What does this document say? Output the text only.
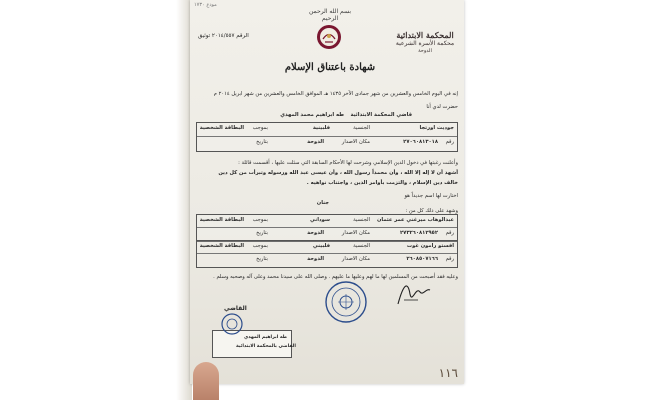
مودع ١٧٣٠
بسم الله الرحمن الرحيم
المحكمة الابتدائية
محكمة الأسرة الشرعية
الدوحة
الرقم ٢٠١٤/٥٥٧ توثيق
شهادة باعتناق الإسلام
إنه في اليوم الخامس والعشرين من شهر جمادى الآخر ١٤٣٥ هـ الموافق الخامس والعشرين من شهر ابريل ٢٠١٤ م
حضرت لدي أنا
طه ابراهيم محمد المهدي قاضي المحكمة الابتدائية
جوديث اورتجا
الجنسية
فلبينية
بموجب
البطاقة الشخصية
رقم
٢٧٠٦٠٨١٣٠١٨
مكان الاصدار
الدوحة
بتاريخ
وأعلنت رغبتها في دخول الدين الإسلامي وشرحت لها الأحكام السابقة التي سئلت عليها ، أقسمت قائلة :
أشهد أن لا إله إلا الله ، وأن محمداً رسول الله ، وأن عيسى عبد الله ورسوله وتبرأت من كل دين
خالف دين الإسلام ، والتزمت بأوامر الدين ، واجتناب نواهيه .
اختارت لها اسم جديداً هو
جنان
وشهد على ذلك كل من :
عبدالوهاب ميرغني عمر عثمان
الجنسية
سوداني
بموجب
البطاقة الشخصية
رقم
٢٧٣٢٦٠٨١٢٩٥٢
مكان الاصدار
الدوحة
بتاريخ
افستو رامون غوت
الجنسية
فلبيني
بموجب
البطاقة الشخصية
رقم
٢٦٠٨٥٠٧١٦٦
مكان الاصدار
الدوحة
بتاريخ
وعليه فقد أصبحت من المسلمين لها ما لهم وعليها ما عليهم . وصلى الله على سيدنا محمد وعلى آله وصحبه وسلم .
القاضي
طه ابراهيم المهدي
القاضي بالمحكمة الابتدائية
١١٦
